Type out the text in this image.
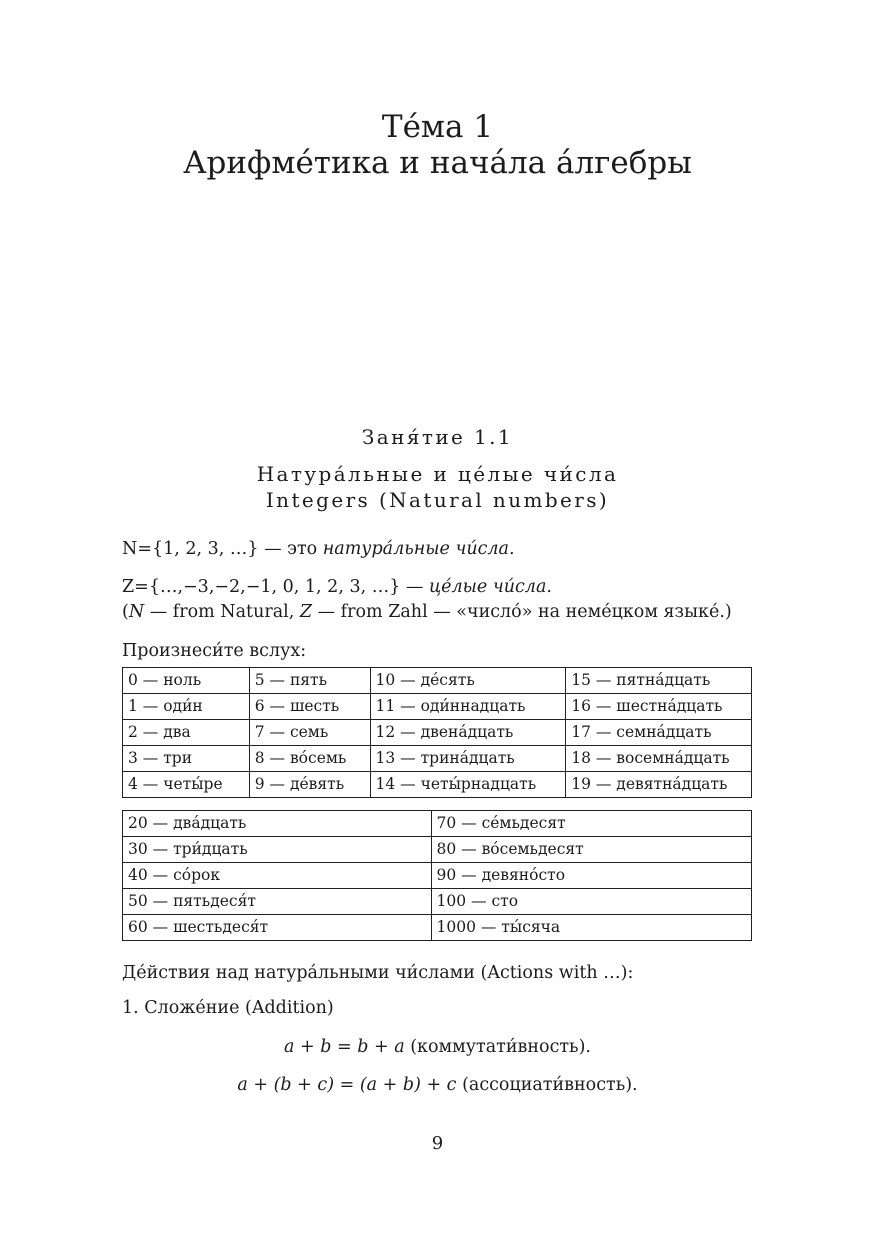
Те́ма 1
Арифме́тика и нача́ла а́лгебры
Заня́тие 1.1
Натура́льные и це́лые чи́сла
Integers (Natural numbers)
N={1, 2, 3, …} — это натура́льные чи́сла.
Z={…,−3,−2,−1, 0, 1, 2, 3, …} — це́лые чи́сла.
(N — from Natural, Z — from Zahl — «число́» на неме́цком языке́.)
Произнеси́те вслух:
0 — ноль	5 — пять	10 — де́сять	15 — пятна́дцать
1 — оди́н	6 — шесть	11 — оди́ннадцать	16 — шестна́дцать
2 — два	7 — семь	12 — двена́дцать	17 — семна́дцать
3 — три	8 — во́семь	13 — трина́дцать	18 — восемна́дцать
4 — четы́ре	9 — де́вять	14 — четы́рнадцать	19 — девятна́дцать
20 — два́дцать	70 — се́мьдесят
30 — три́дцать	80 — во́семьдесят
40 — со́рок	90 — девяно́сто
50 — пятьдеся́т	100 — сто
60 — шестьдеся́т	1000 — ты́сяча
Де́йствия над натура́льными чи́слами (Actions with …):
1. Сложе́ние (Addition)
a + b = b + a (коммутати́вность).
a + (b + c) = (a + b) + c (ассоциати́вность).
9
